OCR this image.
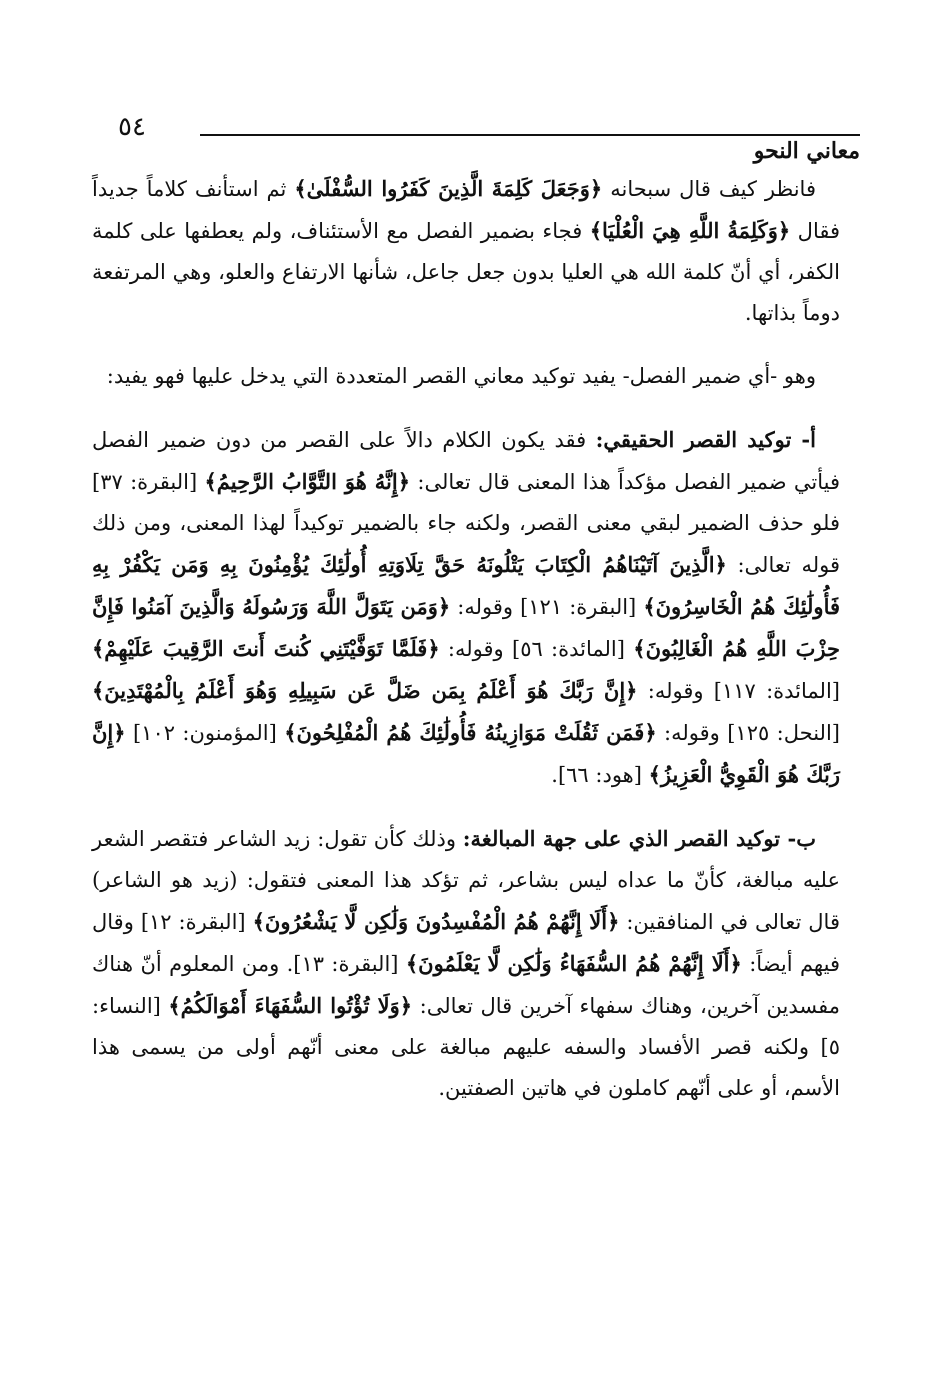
٥٤
معاني النحو

فانظر كيف قال سبحانه ﴿وَجَعَلَ كَلِمَةَ الَّذِينَ كَفَرُوا السُّفْلَىٰ﴾ ثم استأنف كلاماً جديداً فقال ﴿وَكَلِمَةُ اللَّهِ هِيَ الْعُلْيَا﴾ فجاء بضمير الفصل مع الأستئناف، ولم يعطفها على كلمة الكفر، أي أنّ كلمة الله هي العليا بدون جعل جاعل، شأنها الارتفاع والعلو، وهي المرتفعة دوماً بذاتها.

وهو -أي ضمير الفصل- يفيد توكيد معاني القصر المتعددة التي يدخل عليها فهو يفيد:

أ- توكيد القصر الحقيقي: فقد يكون الكلام دالاً على القصر من دون ضمير الفصل فيأتي ضمير الفصل مؤكداً هذا المعنى قال تعالى: ﴿إِنَّهُ هُوَ التَّوَّابُ الرَّحِيمُ﴾ [البقرة: ٣٧] فلو حذف الضمير لبقي معنى القصر، ولكنه جاء بالضمير توكيداً لهذا المعنى، ومن ذلك قوله تعالى: ﴿الَّذِينَ آتَيْنَاهُمُ الْكِتَابَ يَتْلُونَهُ حَقَّ تِلَاوَتِهِ أُولَٰئِكَ يُؤْمِنُونَ بِهِ وَمَن يَكْفُرْ بِهِ فَأُولَٰئِكَ هُمُ الْخَاسِرُونَ﴾ [البقرة: ١٢١] وقوله: ﴿وَمَن يَتَوَلَّ اللَّهَ وَرَسُولَهُ وَالَّذِينَ آمَنُوا فَإِنَّ حِزْبَ اللَّهِ هُمُ الْغَالِبُونَ﴾ [المائدة: ٥٦] وقوله: ﴿فَلَمَّا تَوَفَّيْتَنِي كُنتَ أَنتَ الرَّقِيبَ عَلَيْهِمْ﴾ [المائدة: ١١٧] وقوله: ﴿إِنَّ رَبَّكَ هُوَ أَعْلَمُ بِمَن ضَلَّ عَن سَبِيلِهِ وَهُوَ أَعْلَمُ بِالْمُهْتَدِينَ﴾ [النحل: ١٢٥] وقوله: ﴿فَمَن ثَقُلَتْ مَوَازِينُهُ فَأُولَٰئِكَ هُمُ الْمُفْلِحُونَ﴾ [المؤمنون: ١٠٢] ﴿إِنَّ رَبَّكَ هُوَ الْقَوِيُّ الْعَزِيزُ﴾ [هود: ٦٦].

ب- توكيد القصر الذي على جهة المبالغة: وذلك كأن تقول: زيد الشاعر فتقصر الشعر عليه مبالغة، كأنّ ما عداه ليس بشاعر، ثم تؤكد هذا المعنى فتقول: (زيد هو الشاعر) قال تعالى في المنافقين: ﴿أَلَا إِنَّهُمْ هُمُ الْمُفْسِدُونَ وَلَٰكِن لَّا يَشْعُرُونَ﴾ [البقرة: ١٢] وقال فيهم أيضاً: ﴿أَلَا إِنَّهُمْ هُمُ السُّفَهَاءُ وَلَٰكِن لَّا يَعْلَمُونَ﴾ [البقرة: ١٣]. ومن المعلوم أنّ هناك مفسدين آخرين، وهناك سفهاء آخرين قال تعالى: ﴿وَلَا تُؤْتُوا السُّفَهَاءَ أَمْوَالَكُمُ﴾ [النساء: ٥] ولكنه قصر الأفساد والسفه عليهم مبالغة على معنى أنّهم أولى من يسمى هذا الأسم، أو على أنّهم كاملون في هاتين الصفتين.
